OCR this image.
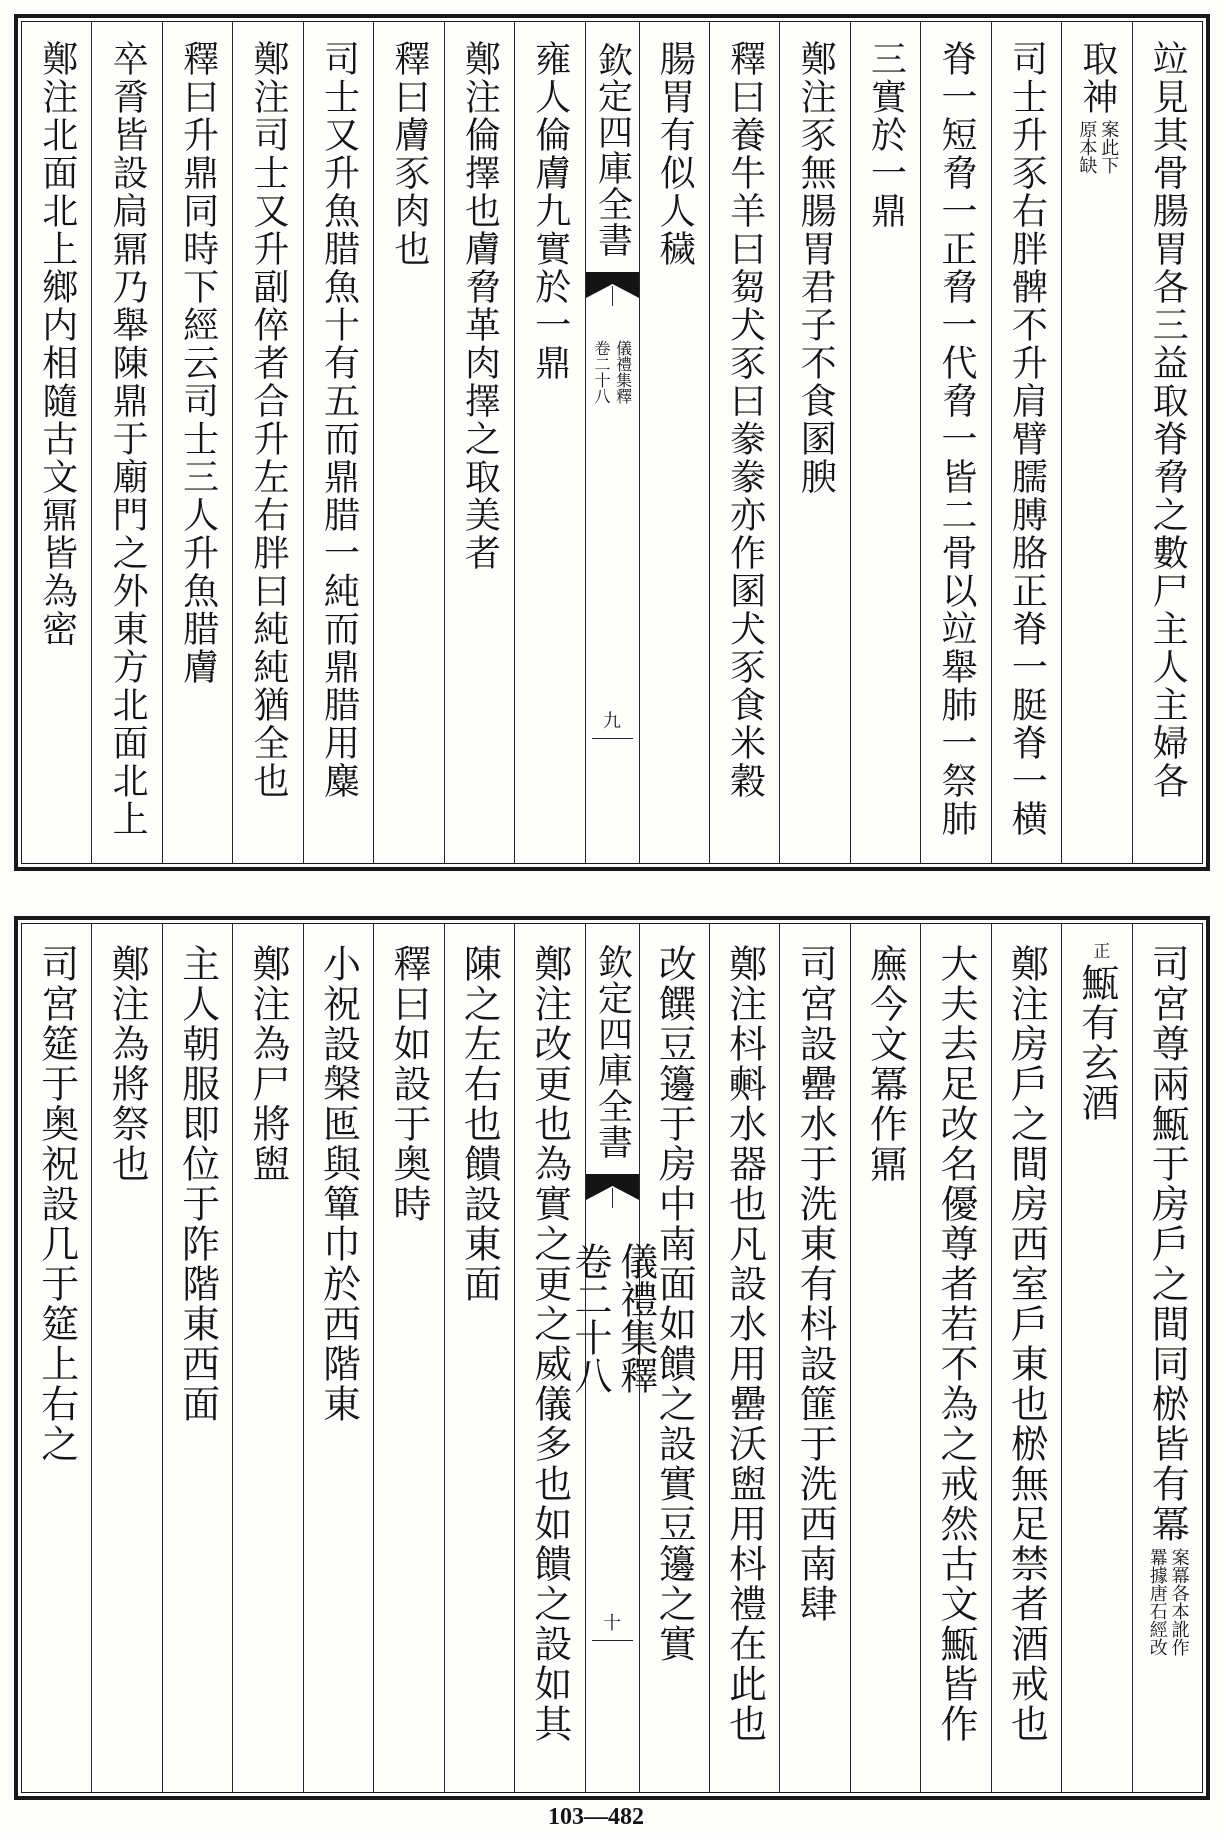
竝見其骨腸胃各三益取脊脅之數尸主人主婦各
取神
案此下
原本缺
司士升豕右胖髀不升肩臂臑膊胳正脊一脡脊一横
脊一短脅一正脅一代脅一皆二骨以竝舉肺一祭肺
三實於一鼎
鄭注豕無腸胃君子不食圂腴
釋曰養牛羊曰芻犬豕曰豢豢亦作圂犬豕食米穀
腸胃有似人穢
欽定四庫全書
儀禮集釋
卷二十八
九
雍人倫膚九實於一鼎
鄭注倫擇也膚脅革肉擇之取美者
釋曰膚豕肉也
司士又升魚腊魚十有五而鼎腊一純而鼎腊用麋
鄭注司士又升副倅者合升左右胖曰純純猶全也
釋曰升鼎同時下經云司士三人升魚腊膚
卒脀皆設扃鼏乃舉陳鼎于廟門之外東方北面北上
鄭注北面北上鄉内相隨古文鼏皆為密
司宮尊兩甒于房戶之間同棜皆有冪
案冪各本訛作
羃據唐石經改
正
甒有玄酒
鄭注房戶之間房西室戶東也棜無足禁者酒戒也
大夫去足改名優尊者若不為之戒然古文甒皆作
廡今文冪作鼏
司宮設罍水于洗東有枓設篚于洗西南肆
鄭注枓㪺水器也凡設水用罍沃盥用枓禮在此也
改饌豆籩于房中南面如饋之設實豆籩之實
欽定四庫全書
儀禮集釋
卷二十八
十
鄭注改更也為實之更之威儀多也如饋之設如其
陳之左右也饋設東面
釋曰如設于奥時
小祝設槃匜與簞巾於西階東
鄭注為尸將盥
主人朝服即位于阼階東西面
鄭注為將祭也
司宮筵于奥祝設几于筵上右之
103—482
